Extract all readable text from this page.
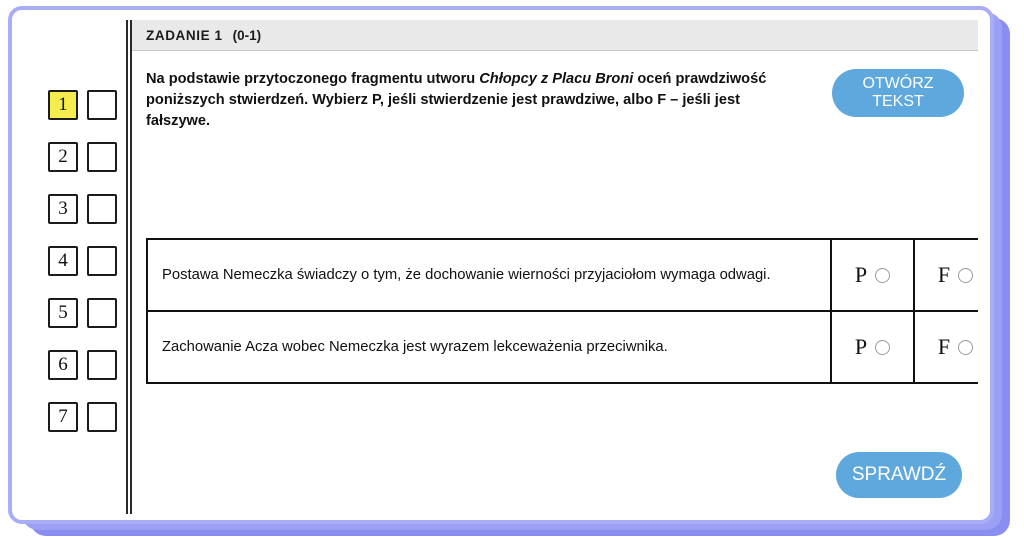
1
2
3
4
5
6
7
ZADANIE 1 (0-1)
Na podstawie przytoczonego fragmentu utworu Chłopcy z Placu Broni oceń prawdziwość poniższych stwierdzeń. Wybierz P, jeśli stwierdzenie jest prawdziwe, albo F – jeśli jest fałszywe.
OTWÓRZ
TEKST
Postawa Nemeczka świadczy o tym, że dochowanie wierności przyjaciołom wymaga odwagi.	P	F
Zachowanie Acza wobec Nemeczka jest wyrazem lekceważenia przeciwnika.	P	F
SPRAWDŹ
